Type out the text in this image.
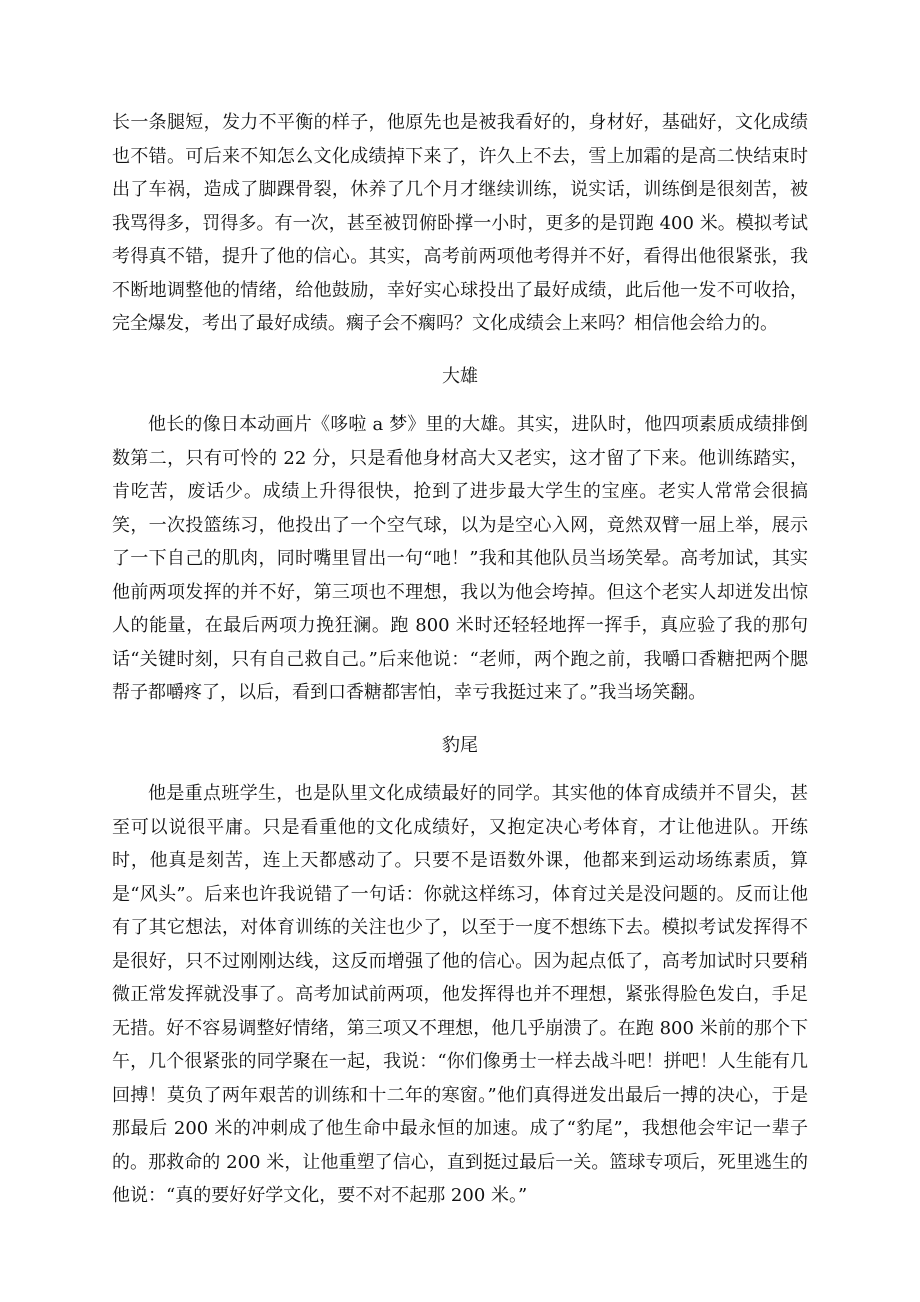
长一条腿短，发力不平衡的样子，他原先也是被我看好的，身材好，基础好，文化成绩也不错。可后来不知怎么文化成绩掉下来了，许久上不去，雪上加霜的是高二快结束时出了车祸，造成了脚踝骨裂，休养了几个月才继续训练，说实话，训练倒是很刻苦，被我骂得多，罚得多。有一次，甚至被罚俯卧撑一小时，更多的是罚跑 400 米。模拟考试考得真不错，提升了他的信心。其实，高考前两项他考得并不好，看得出他很紧张，我不断地调整他的情绪，给他鼓励，幸好实心球投出了最好成绩，此后他一发不可收拾，完全爆发，考出了最好成绩。瘸子会不瘸吗？文化成绩会上来吗？相信他会给力的。

大雄

他长的像日本动画片《哆啦 a 梦》里的大雄。其实，进队时，他四项素质成绩排倒数第二，只有可怜的 22 分，只是看他身材高大又老实，这才留了下来。他训练踏实，肯吃苦，废话少。成绩上升得很快，抢到了进步最大学生的宝座。老实人常常会很搞笑，一次投篮练习，他投出了一个空气球，以为是空心入网，竟然双臂一屈上举，展示了一下自己的肌肉，同时嘴里冒出一句“吔！”我和其他队员当场笑晕。高考加试，其实他前两项发挥的并不好，第三项也不理想，我以为他会垮掉。但这个老实人却迸发出惊人的能量，在最后两项力挽狂澜。跑 800 米时还轻轻地挥一挥手，真应验了我的那句话“关键时刻，只有自己救自己。”后来他说：“老师，两个跑之前，我嚼口香糖把两个腮帮子都嚼疼了，以后，看到口香糖都害怕，幸亏我挺过来了。”我当场笑翻。

豹尾

他是重点班学生，也是队里文化成绩最好的同学。其实他的体育成绩并不冒尖，甚至可以说很平庸。只是看重他的文化成绩好，又抱定决心考体育，才让他进队。开练时，他真是刻苦，连上天都感动了。只要不是语数外课，他都来到运动场练素质，算是“风头”。后来也许我说错了一句话：你就这样练习，体育过关是没问题的。反而让他有了其它想法，对体育训练的关注也少了，以至于一度不想练下去。模拟考试发挥得不是很好，只不过刚刚达线，这反而增强了他的信心。因为起点低了，高考加试时只要稍微正常发挥就没事了。高考加试前两项，他发挥得也并不理想，紧张得脸色发白，手足无措。好不容易调整好情绪，第三项又不理想，他几乎崩溃了。在跑 800 米前的那个下午，几个很紧张的同学聚在一起，我说：“你们像勇士一样去战斗吧！拼吧！人生能有几回搏！莫负了两年艰苦的训练和十二年的寒窗。”他们真得迸发出最后一搏的决心，于是那最后 200 米的冲刺成了他生命中最永恒的加速。成了“豹尾”，我想他会牢记一辈子的。那救命的 200 米，让他重塑了信心，直到挺过最后一关。篮球专项后，死里逃生的他说：“真的要好好学文化，要不对不起那 200 米。”
